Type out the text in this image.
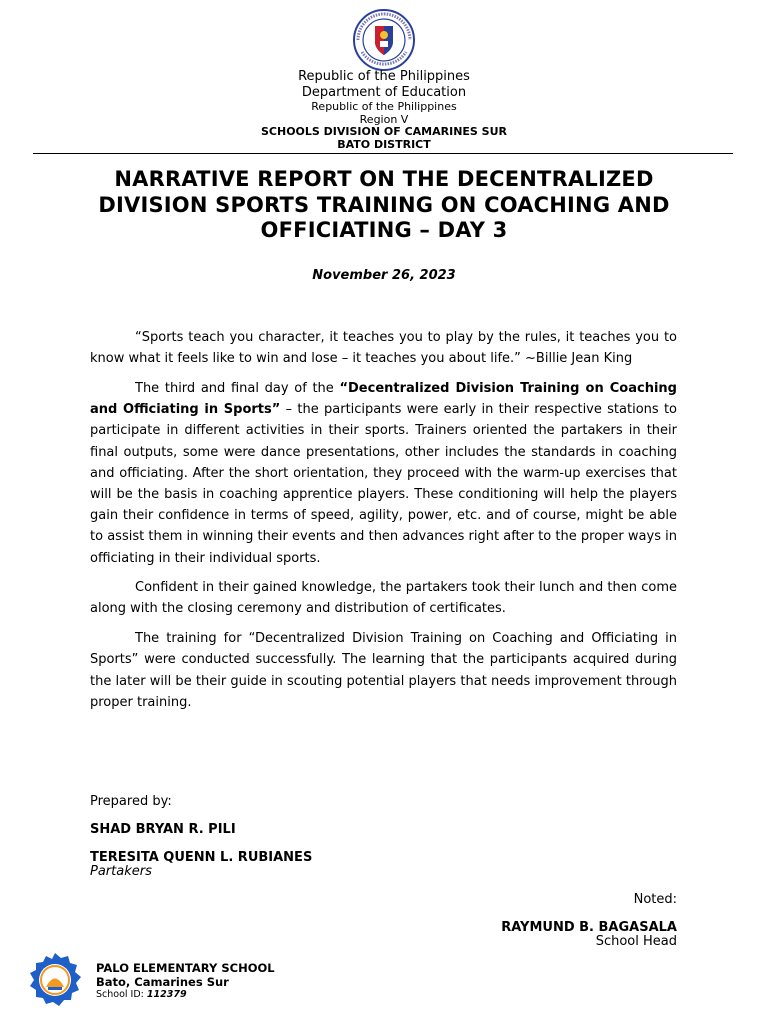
Republic of the Philippines
Department of Education
Republic of the Philippines
Region V
SCHOOLS DIVISION OF CAMARINES SUR
BATO DISTRICT
NARRATIVE REPORT ON THE DECENTRALIZED DIVISION SPORTS TRAINING ON COACHING AND OFFICIATING – DAY 3
November 26, 2023

“Sports teach you character, it teaches you to play by the rules, it teaches you to know what it feels like to win and lose – it teaches you about life.” ~Billie Jean King

The third and final day of the “Decentralized Division Training on Coaching and Officiating in Sports” – the participants were early in their respective stations to participate in different activities in their sports. Trainers oriented the partakers in their final outputs, some were dance presentations, other includes the standards in coaching and officiating. After the short orientation, they proceed with the warm-up exercises that will be the basis in coaching apprentice players. These conditioning will help the players gain their confidence in terms of speed, agility, power, etc. and of course, might be able to assist them in winning their events and then advances right after to the proper ways in officiating in their individual sports.

Confident in their gained knowledge, the partakers took their lunch and then come along with the closing ceremony and distribution of certificates.

The training for “Decentralized Division Training on Coaching and Officiating in Sports” were conducted successfully. The learning that the participants acquired during the later will be their guide in scouting potential players that needs improvement through proper training.

Prepared by:
SHAD BRYAN R. PILI
TERESITA QUENN L. RUBIANES
Partakers
Noted:
RAYMUND B. BAGASALA
School Head
PALO ELEMENTARY SCHOOL
Bato, Camarines Sur
School ID: 112379
